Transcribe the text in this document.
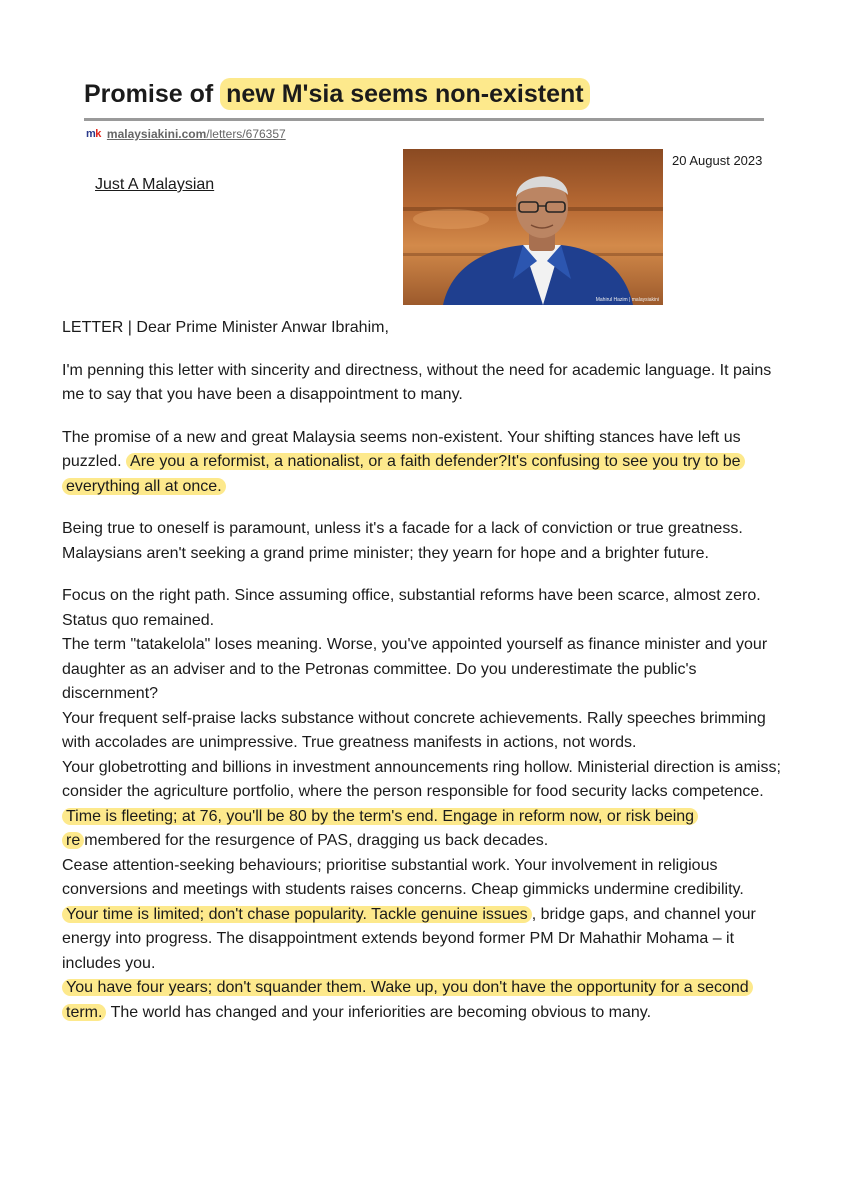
Promise of new M'sia seems non-existent
mk malaysiakini.com/letters/676357
Just A Malaysian
Mahirul Hazim | malaysiakini
20 August 2023

LETTER | Dear Prime Minister Anwar Ibrahim,

I'm penning this letter with sincerity and directness, without the need for academic language. It pains me to say that you have been a disappointment to many.

The promise of a new and great Malaysia seems non-existent. Your shifting stances have left us puzzled. Are you a reformist, a nationalist, or a faith defender?It's confusing to see you try to be everything all at once.

Being true to oneself is paramount, unless it's a facade for a lack of conviction or true greatness. Malaysians aren't seeking a grand prime minister; they yearn for hope and a brighter future.

Focus on the right path. Since assuming office, substantial reforms have been scarce, almost zero. Status quo remained.

The term "tatakelola" loses meaning. Worse, you've appointed yourself as finance minister and your daughter as an adviser and to the Petronas committee. Do you underestimate the public's discernment?

Your frequent self-praise lacks substance without concrete achievements. Rally speeches brimming with accolades are unimpressive. True greatness manifests in actions, not words.

Your globetrotting and billions in investment announcements ring hollow. Ministerial direction is amiss; consider the agriculture portfolio, where the person responsible for food security lacks competence.

Time is fleeting; at 76, you'll be 80 by the term's end. Engage in reform now, or risk being re membered for the resurgence of PAS, dragging us back decades.

Cease attention-seeking behaviours; prioritise substantial work. Your involvement in religious conversions and meetings with students raises concerns. Cheap gimmicks undermine credibility.

Your time is limited; don't chase popularity. Tackle genuine issues , bridge gaps, and channel your energy into progress. The disappointment extends beyond former PM Dr Mahathir Mohama – it includes you.

You have four years; don't squander them. Wake up, you don't have the opportunity for a second term. The world has changed and your inferiorities are becoming obvious to many.
